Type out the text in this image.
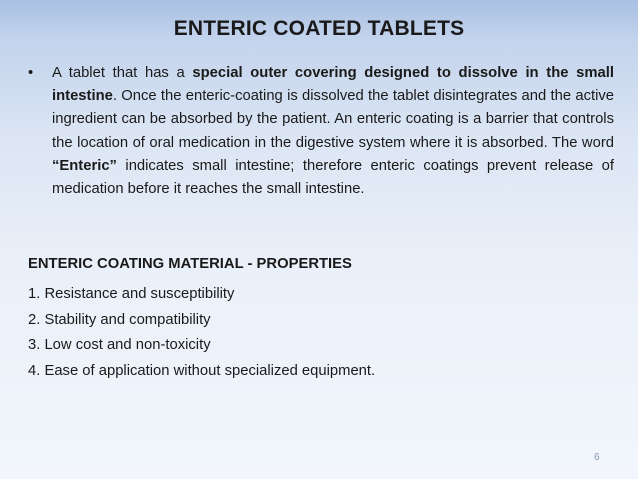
ENTERIC COATED TABLETS
• A tablet that has a special outer covering designed to dissolve in the small intestine. Once the enteric-coating is dissolved the tablet disintegrates and the active ingredient can be absorbed by the patient. An enteric coating is a barrier that controls the location of oral medication in the digestive system where it is absorbed. The word “Enteric” indicates small intestine; therefore enteric coatings prevent release of medication before it reaches the small intestine.
ENTERIC COATING MATERIAL - PROPERTIES
1. Resistance and susceptibility
2. Stability and compatibility
3. Low cost and non-toxicity
4. Ease of application without specialized equipment.
6
